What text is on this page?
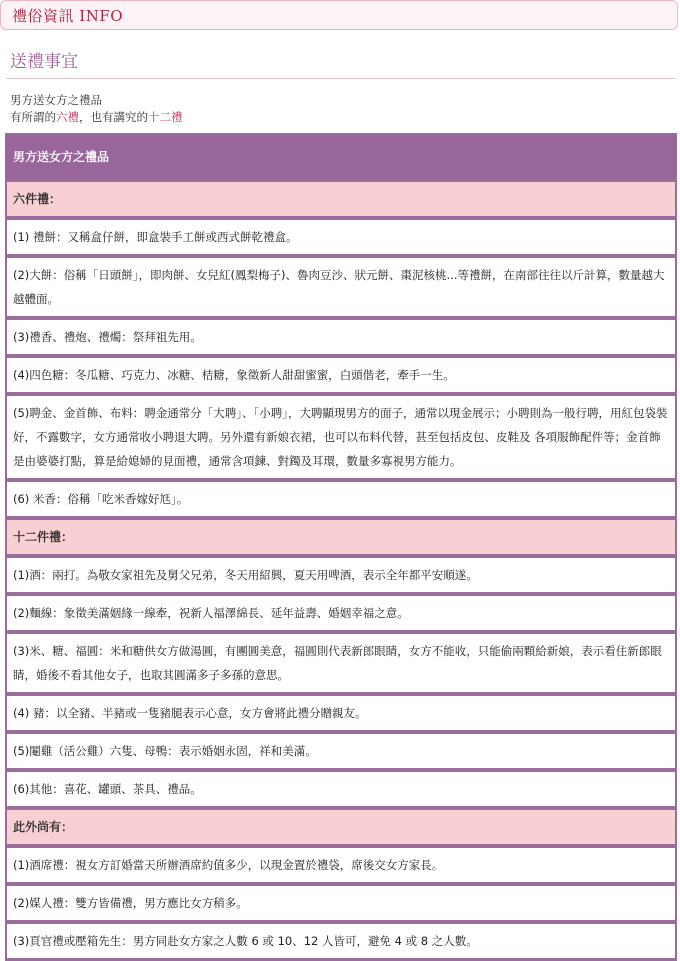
禮俗資訊 INFO
送禮事宜
男方送女方之禮品
有所謂的六禮，也有講究的十二禮
男方送女方之禮品
六件禮：
(1) 禮餅：又稱盒仔餅，即盒裝手工餅或西式餅乾禮盒。
(2)大餅：俗稱「日頭餅」，即肉餅、女兒紅(鳳梨梅子)、魯肉豆沙、狀元餅、棗泥核桃...等禮餅，在南部往往以斤計算，數量越大越體面。
(3)禮香、禮炮、禮燭：祭拜祖先用。
(4)四色糖：冬瓜糖、巧克力、冰糖、桔糖，象徵新人甜甜蜜蜜，白頭偕老，牽手一生。
(5)聘金、金首飾、布料：聘金通常分「大聘」、「小聘」，大聘顯現男方的面子，通常以現金展示；小聘則為一般行聘，用紅包袋裝好，不露數字，女方通常收小聘退大聘。另外還有新娘衣裙，也可以布料代替，甚至包括皮包、皮鞋及 各項服飾配件等；金首飾是由婆婆打點，算是給媳婦的見面禮，通常含項鍊、對鐲及耳環，數量多寡視男方能力。
(6) 米香：俗稱「吃米香嫁好尪」。
十二件禮：
(1)酒：兩打。為敬女家祖先及舅父兄弟，冬天用紹興，夏天用啤酒，表示全年都平安順遂。
(2)麵線：象徵美滿姻緣一線牽，祝新人福澤綿長、延年益壽、婚姻幸福之意。
(3)米、糖、福圓：米和糖供女方做湯圓，有團圓美意，福圓則代表新郎眼睛，女方不能收，只能偷兩顆給新娘，表示看住新郎眼睛，婚後不看其他女子，也取其圓滿多子多孫的意思。
(4) 豬：以全豬、半豬或一隻豬腿表示心意，女方會將此禮分贈親友。
(5)閹雞（活公雞）六隻、母鴨：表示婚姻永固，祥和美滿。
(6)其他：喜花、罐頭、茶具、禮品。
此外尚有：
(1)酒席禮：視女方訂婚當天所辦酒席約值多少，以現金置於禮袋，席後交女方家長。
(2)媒人禮：雙方皆備禮，男方應比女方稍多。
(3)頁官禮或壓箱先生：男方同赴女方家之人數 6 或 10、12 人皆可，避免 4 或 8 之人數。
